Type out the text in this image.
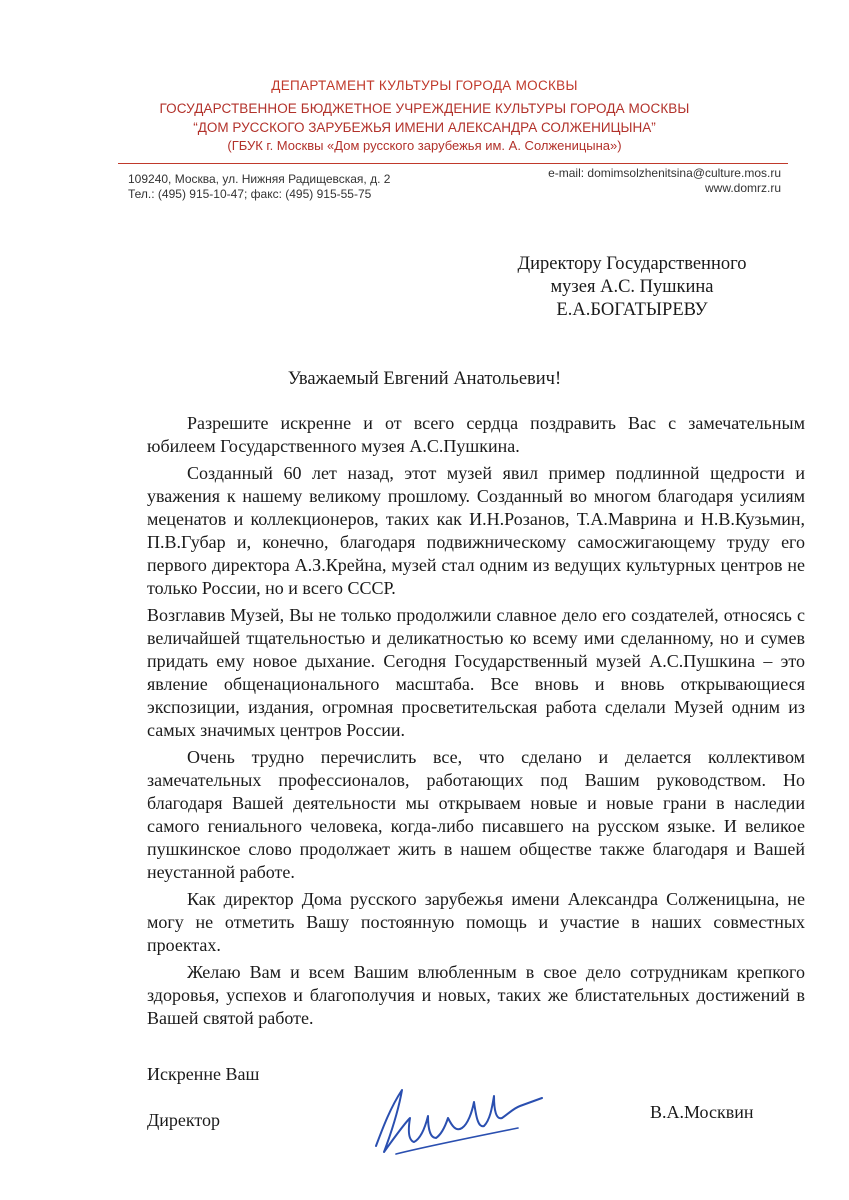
ДЕПАРТАМЕНТ КУЛЬТУРЫ ГОРОДА МОСКВЫ
ГОСУДАРСТВЕННОЕ БЮДЖЕТНОЕ УЧРЕЖДЕНИЕ КУЛЬТУРЫ ГОРОДА МОСКВЫ
“ДОМ РУССКОГО ЗАРУБЕЖЬЯ ИМЕНИ АЛЕКСАНДРА СОЛЖЕНИЦЫНА”
(ГБУК г. Москвы «Дом русского зарубежья им. А. Солженицына»)
109240, Москва, ул. Нижняя Радищевская, д. 2
Тел.: (495) 915-10-47; факс: (495) 915-55-75
e-mail: domimsolzhenitsina@culture.mos.ru
www.domrz.ru
Директору Государственного
музея А.С. Пушкина
Е.А.БОГАТЫРЕВУ
Уважаемый Евгений Анатольевич!

Разрешите искренне и от всего сердца поздравить Вас с замечательным юбилеем Государственного музея А.С.Пушкина.

Созданный 60 лет назад, этот музей явил пример подлинной щедрости и уважения к нашему великому прошлому. Созданный во многом благодаря усилиям меценатов и коллекционеров, таких как И.Н.Розанов, Т.А.Маврина и Н.В.Кузьмин, П.В.Губар и, конечно, благодаря подвижническому самосжигающему труду его первого директора А.З.Крейна, музей стал одним из ведущих культурных центров не только России, но и всего СССР.

Возглавив Музей, Вы не только продолжили славное дело его создателей, относясь с величайшей тщательностью и деликатностью ко всему ими сделанному, но и сумев придать ему новое дыхание. Сегодня Государственный музей А.С.Пушкина – это явление общенационального масштаба. Все вновь и вновь открывающиеся экспозиции, издания, огромная просветительская работа сделали Музей одним из самых значимых центров России.

Очень трудно перечислить все, что сделано и делается коллективом замечательных профессионалов, работающих под Вашим руководством. Но благодаря Вашей деятельности мы открываем новые и новые грани в наследии самого гениального человека, когда-либо писавшего на русском языке. И великое пушкинское слово продолжает жить в нашем обществе также благодаря и Вашей неустанной работе.

Как директор Дома русского зарубежья имени Александра Солженицына, не могу не отметить Вашу постоянную помощь и участие в наших совместных проектах.

Желаю Вам и всем Вашим влюбленным в свое дело сотрудникам крепкого здоровья, успехов и благополучия и новых, таких же блистательных достижений в Вашей святой работе.

Искренне Ваш
Директор	В.А.Москвин
